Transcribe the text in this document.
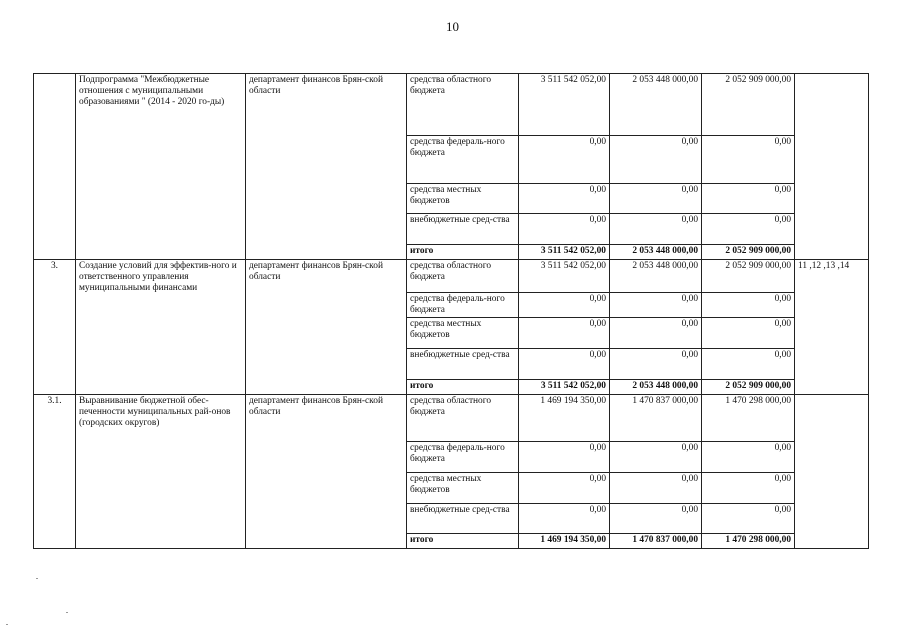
10
	Подпрограмма "Межбюджетные отношения с муниципальными образованиями " (2014 - 2020 го-ды)	департамент финансов Брян-ской области	средства областного бюджета	3 511 542 052,00	2 053 448 000,00	2 052 909 000,00	
			средства федераль-ного бюджета	0,00	0,00	0,00	
			средства местных бюджетов	0,00	0,00	0,00	
			внебюджетные сред-ства	0,00	0,00	0,00	
			итого	3 511 542 052,00	2 053 448 000,00	2 052 909 000,00	
3.	Создание условий для эффектив-ного и ответственного управления муниципальными финансами	департамент финансов Брян-ской области	средства областного бюджета	3 511 542 052,00	2 053 448 000,00	2 052 909 000,00	11 ,12 ,13 ,14
			средства федераль-ного бюджета	0,00	0,00	0,00	
			средства местных бюджетов	0,00	0,00	0,00	
			внебюджетные сред-ства	0,00	0,00	0,00	
			итого	3 511 542 052,00	2 053 448 000,00	2 052 909 000,00	
3.1.	Выравнивание бюджетной обес-печенности муниципальных рай-онов (городских округов)	департамент финансов Брян-ской области	средства областного бюджета	1 469 194 350,00	1 470 837 000,00	1 470 298 000,00	
			средства федераль-ного бюджета	0,00	0,00	0,00	
			средства местных бюджетов	0,00	0,00	0,00	
			внебюджетные сред-ства	0,00	0,00	0,00	
			итого	1 469 194 350,00	1 470 837 000,00	1 470 298 000,00	
